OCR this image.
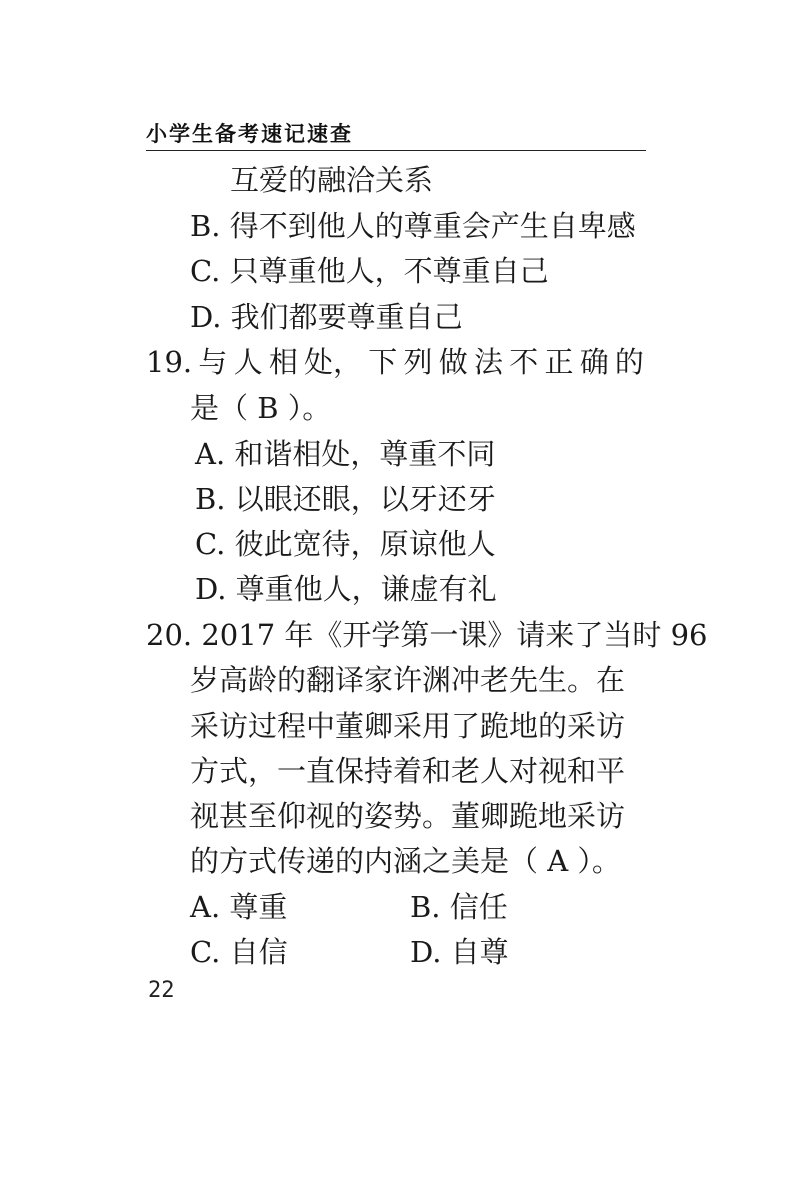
小学生备考速记速查
互爱的融洽关系
B. 得不到他人的尊重会产生自卑感
C. 只尊重他人，不尊重自己
D. 我们都要尊重自己
19. 与 人 相 处， 下 列 做 法 不 正 确 的
是（ B ）。
A. 和谐相处，尊重不同
B. 以眼还眼，以牙还牙
C. 彼此宽待，原谅他人
D. 尊重他人，谦虚有礼
20. 2017 年《开学第一课》请来了当时 96
岁高龄的翻译家许渊冲老先生。在
采访过程中董卿采用了跪地的采访
方式，一直保持着和老人对视和平
视甚至仰视的姿势。董卿跪地采访
的方式传递的内涵之美是（ A ）。
A. 尊重	B. 信任
C. 自信	D. 自尊
22
